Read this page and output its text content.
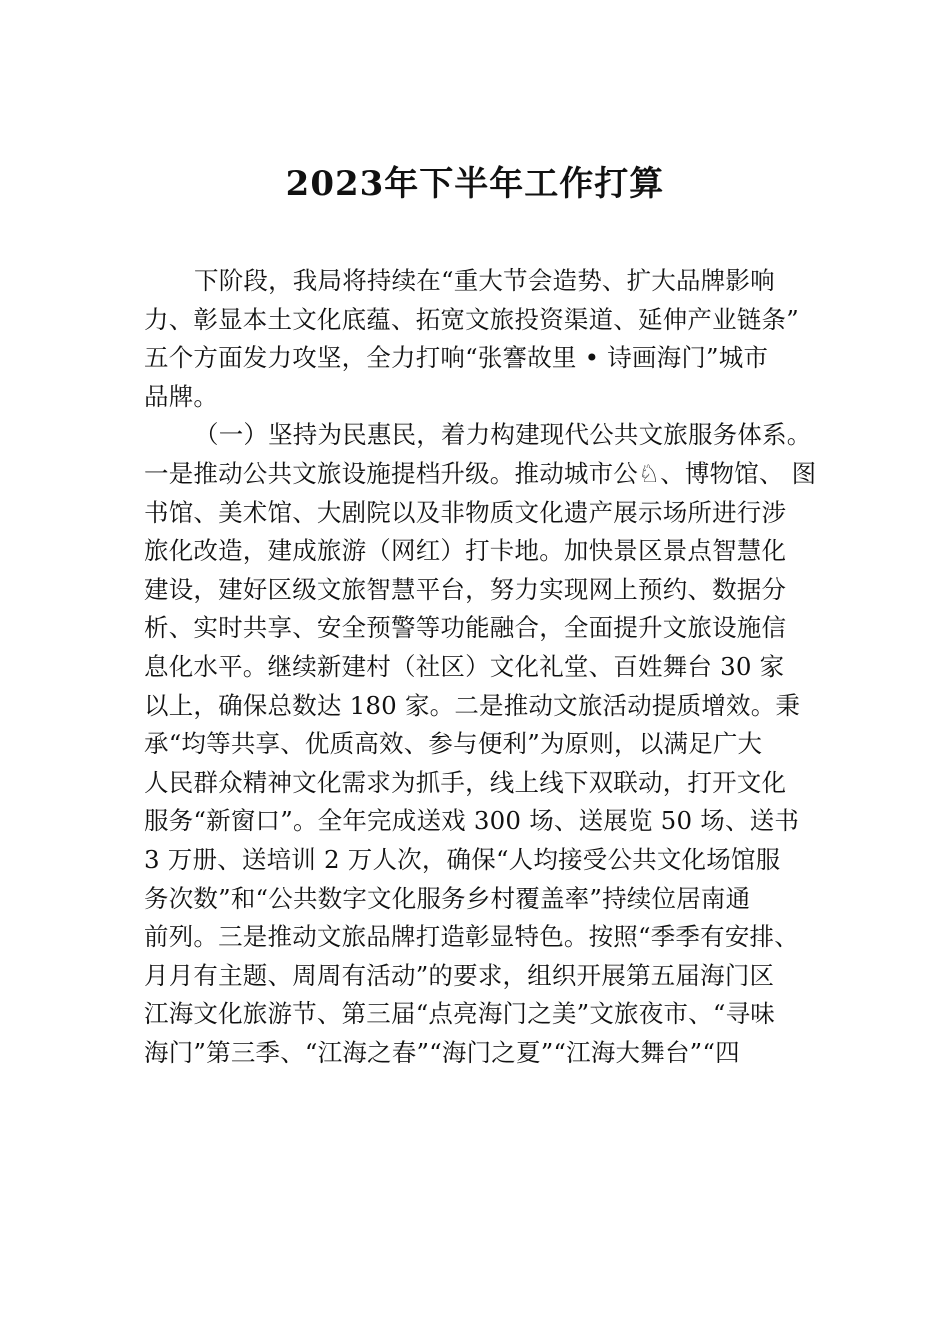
2023年下半年工作打算
下阶段，我局将持续在“重大节会造势、扩大品牌影响
力、彰显本土文化底蕴、拓宽文旅投资渠道、延伸产业链条”
五个方面发力攻坚，全力打响“张謇故里 • 诗画海门”城市
品牌。
（一）坚持为民惠民，着力构建现代公共文旅服务体系。
一是推动公共文旅设施提档升级。推动城市公♘、博物馆、 图
书馆、美术馆、大剧院以及非物质文化遗产展示场所进行涉
旅化改造，建成旅游（网红）打卡地。加快景区景点智慧化
建设，建好区级文旅智慧平台，努力实现网上预约、数据分
析、实时共享、安全预警等功能融合，全面提升文旅设施信
息化水平。继续新建村（社区）文化礼堂、百姓舞台 30 家
以上，确保总数达 180 家。二是推动文旅活动提质增效。秉
承“均等共享、优质高效、参与便利”为原则，以满足广大
人民群众精神文化需求为抓手，线上线下双联动，打开文化
服务“新窗口”。全年完成送戏 300 场、送展览 50 场、送书
3 万册、送培训 2 万人次，确保“人均接受公共文化场馆服
务次数”和“公共数字文化服务乡村覆盖率”持续位居南通
前列。三是推动文旅品牌打造彰显特色。按照“季季有安排、
月月有主题、周周有活动”的要求，组织开展第五届海门区
江海文化旅游节、第三届“点亮海门之美”文旅夜市、“寻味
海门”第三季、“江海之春”“海门之夏”“江海大舞台”“四
